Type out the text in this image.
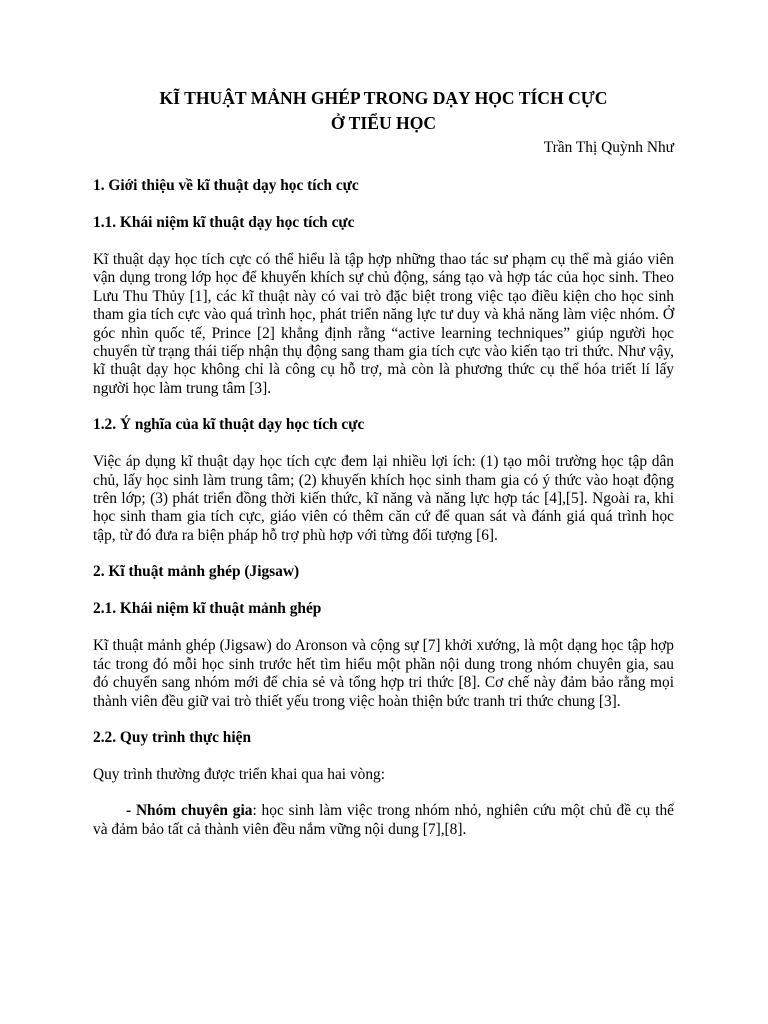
KĨ THUẬT MẢNH GHÉP TRONG DẠY HỌC TÍCH CỰC
Ở TIỂU HỌC

Trần Thị Quỳnh Như

1. Giới thiệu về kĩ thuật dạy học tích cực

1.1. Khái niệm kĩ thuật dạy học tích cực

Kĩ thuật dạy học tích cực có thể hiểu là tập hợp những thao tác sư phạm cụ thể mà giáo viên vận dụng trong lớp học để khuyến khích sự chủ động, sáng tạo và hợp tác của học sinh. Theo Lưu Thu Thủy [1], các kĩ thuật này có vai trò đặc biệt trong việc tạo điều kiện cho học sinh tham gia tích cực vào quá trình học, phát triển năng lực tư duy và khả năng làm việc nhóm. Ở góc nhìn quốc tế, Prince [2] khẳng định rằng “active learning techniques” giúp người học chuyển từ trạng thái tiếp nhận thụ động sang tham gia tích cực vào kiến tạo tri thức. Như vậy, kĩ thuật dạy học không chỉ là công cụ hỗ trợ, mà còn là phương thức cụ thể hóa triết lí lấy người học làm trung tâm [3].

1.2. Ý nghĩa của kĩ thuật dạy học tích cực

Việc áp dụng kĩ thuật dạy học tích cực đem lại nhiều lợi ích: (1) tạo môi trường học tập dân chủ, lấy học sinh làm trung tâm; (2) khuyến khích học sinh tham gia có ý thức vào hoạt động trên lớp; (3) phát triển đồng thời kiến thức, kĩ năng và năng lực hợp tác [4],[5]. Ngoài ra, khi học sinh tham gia tích cực, giáo viên có thêm căn cứ để quan sát và đánh giá quá trình học tập, từ đó đưa ra biện pháp hỗ trợ phù hợp với từng đối tượng [6].

2. Kĩ thuật mảnh ghép (Jigsaw)

2.1. Khái niệm kĩ thuật mảnh ghép

Kĩ thuật mảnh ghép (Jigsaw) do Aronson và cộng sự [7] khởi xướng, là một dạng học tập hợp tác trong đó mỗi học sinh trước hết tìm hiểu một phần nội dung trong nhóm chuyên gia, sau đó chuyển sang nhóm mới để chia sẻ và tổng hợp tri thức [8]. Cơ chế này đảm bảo rằng mọi thành viên đều giữ vai trò thiết yếu trong việc hoàn thiện bức tranh tri thức chung [3].

2.2. Quy trình thực hiện

Quy trình thường được triển khai qua hai vòng:

- Nhóm chuyên gia: học sinh làm việc trong nhóm nhỏ, nghiên cứu một chủ đề cụ thể và đảm bảo tất cả thành viên đều nắm vững nội dung [7],[8].
